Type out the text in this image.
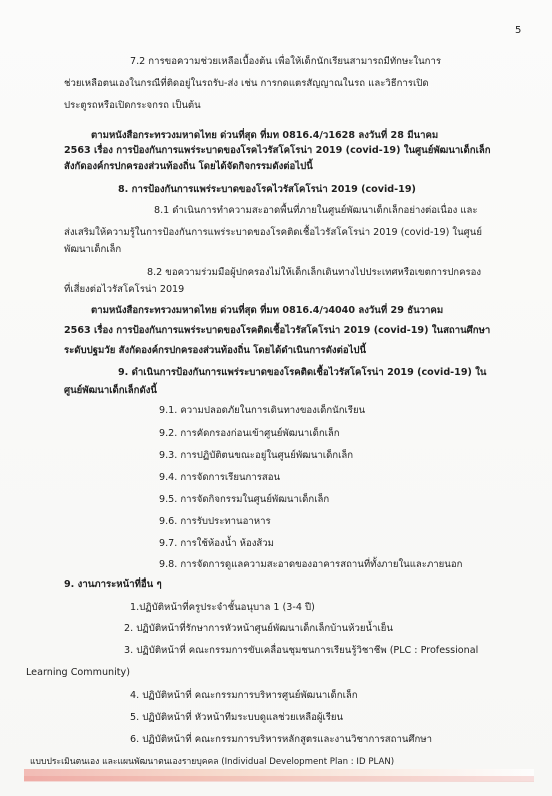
5
7.2 การขอความช่วยเหลือเบื้องต้น เพื่อให้เด็กนักเรียนสามารถมีทักษะในการ
ช่วยเหลือตนเองในกรณีที่ติดอยู่ในรถรับ-ส่ง เช่น การกดแตรสัญญาณในรถ และวิธีการเปิด
ประตูรถหรือเปิดกระจกรถ เป็นต้น
ตามหนังสือกระทรวงมหาดไทย ด่วนที่สุด ที่มท 0816.4/ว1628 ลงวันที่ 28 มีนาคม
2563 เรื่อง การป้องกันการแพร่ระบาดของโรคไวรัสโคโรน่า 2019 (covid-19) ในศูนย์พัฒนาเด็กเล็ก
สังกัดองค์กรปกครองส่วนท้องถิ่น โดยได้จัดกิจกรรมดังต่อไปนี้
8. การป้องกันการแพร่ระบาดของโรคไวรัสโคโรน่า 2019 (covid-19)
8.1 ดำเนินการทำความสะอาดพื้นที่ภายในศูนย์พัฒนาเด็กเล็กอย่างต่อเนื่อง และ
ส่งเสริมให้ความรู้ในการป้องกันการแพร่ระบาดของโรคติดเชื้อไวรัสโคโรน่า 2019 (covid-19) ในศูนย์
พัฒนาเด็กเล็ก
8.2 ขอความร่วมมือผู้ปกครองไม่ให้เด็กเล็กเดินทางไปประเทศหรือเขตการปกครอง
ที่เสี่ยงต่อไวรัสโคโรน่า 2019
ตามหนังสือกระทรวงมหาดไทย ด่วนที่สุด ที่มท 0816.4/ว4040 ลงวันที่ 29 ธันวาคม
2563 เรื่อง การป้องกันการแพร่ระบาดของโรคติดเชื้อไวรัสโคโรน่า 2019 (covid-19) ในสถานศึกษา
ระดับปฐมวัย สังกัดองค์กรปกครองส่วนท้องถิ่น โดยได้ดำเนินการดังต่อไปนี้
9. ดำเนินการป้องกันการแพร่ระบาดของโรคติดเชื้อไวรัสโคโรน่า 2019 (covid-19) ใน
ศูนย์พัฒนาเด็กเล็กดังนี้
9.1. ความปลอดภัยในการเดินทางของเด็กนักเรียน
9.2. การคัดกรองก่อนเข้าศูนย์พัฒนาเด็กเล็ก
9.3. การปฏิบัติตนขณะอยู่ในศูนย์พัฒนาเด็กเล็ก
9.4. การจัดการเรียนการสอน
9.5. การจัดกิจกรรมในศูนย์พัฒนาเด็กเล็ก
9.6. การรับประทานอาหาร
9.7. การใช้ห้องน้ำ ห้องส้วม
9.8. การจัดการดูแลความสะอาดของอาคารสถานที่ทั้งภายในและภายนอก
9. งานภาระหน้าที่อื่น ๆ
1.ปฏิบัติหน้าที่ครูประจำชั้นอนุบาล 1 (3-4 ปี)
2. ปฏิบัติหน้าที่รักษาการหัวหน้าศูนย์พัฒนาเด็กเล็กบ้านห้วยน้ำเย็น
3. ปฏิบัติหน้าที่ คณะกรรมการขับเคลื่อนชุมชนการเรียนรู้วิชาชีพ (PLC : Professional
Learning Community)
4. ปฏิบัติหน้าที่ คณะกรรมการบริหารศูนย์พัฒนาเด็กเล็ก
5. ปฏิบัติหน้าที่ หัวหน้าทีมระบบดูแลช่วยเหลือผู้เรียน
6. ปฏิบัติหน้าที่ คณะกรรมการบริหารหลักสูตรและงานวิชาการสถานศึกษา
แบบประเมินตนเอง และแผนพัฒนาตนเองรายบุคคล (Individual Development Plan : ID PLAN)
